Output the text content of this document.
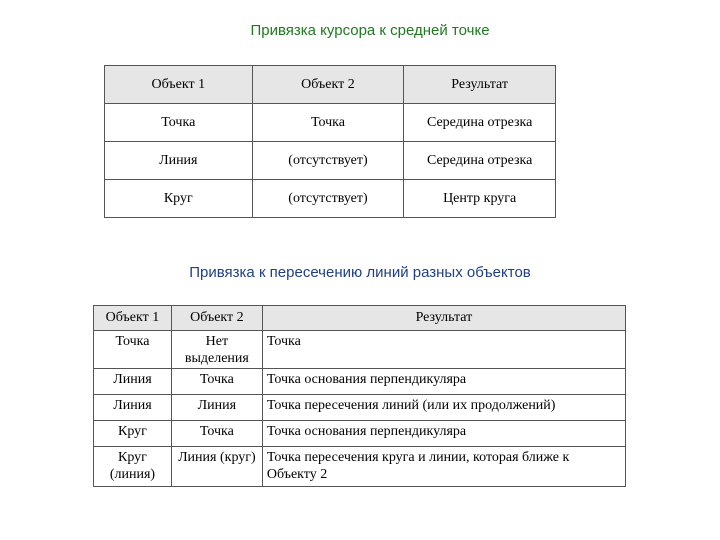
Привязка курсора к средней точке
Объект 1	Объект 2	Результат
Точка	Точка	Середина отрезка
Линия	(отсутствует)	Середина отрезка
Круг	(отсутствует)	Центр круга
Привязка к пересечению линий разных объектов
Объект 1	Объект 2	Результат
Точка	Нет выделения	Точка
Линия	Точка	Точка основания перпендикуляра
Линия	Линия	Точка пересечения линий (или их продолжений)
Круг	Точка	Точка основания перпендикуляра
Круг (линия)	Линия (круг)	Точка пересечения круга и линии, которая ближе к Объекту 2
